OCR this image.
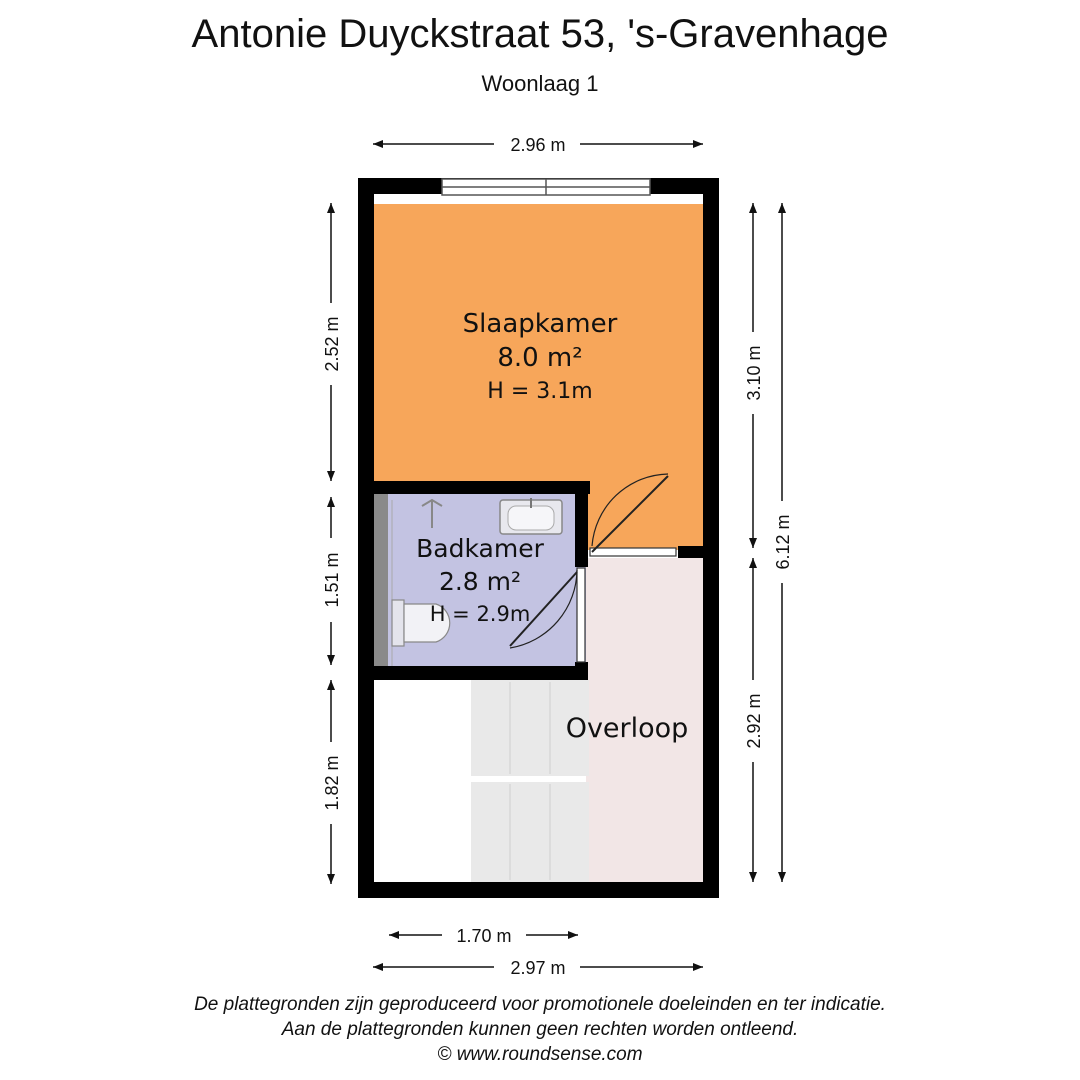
Antonie Duyckstraat 53, 's-Gravenhage
Woonlaag 1
Slaapkamer
8.0 m²
H = 3.1m
Badkamer
2.8 m²
H = 2.9m
Overloop
2.96 m
1.70 m
2.97 m
2.52 m
1.51 m
1.82 m
3.10 m
2.92 m
6.12 m
De plattegronden zijn geproduceerd voor promotionele doeleinden en ter indicatie.
Aan de plattegronden kunnen geen rechten worden ontleend.
© www.roundsense.com
